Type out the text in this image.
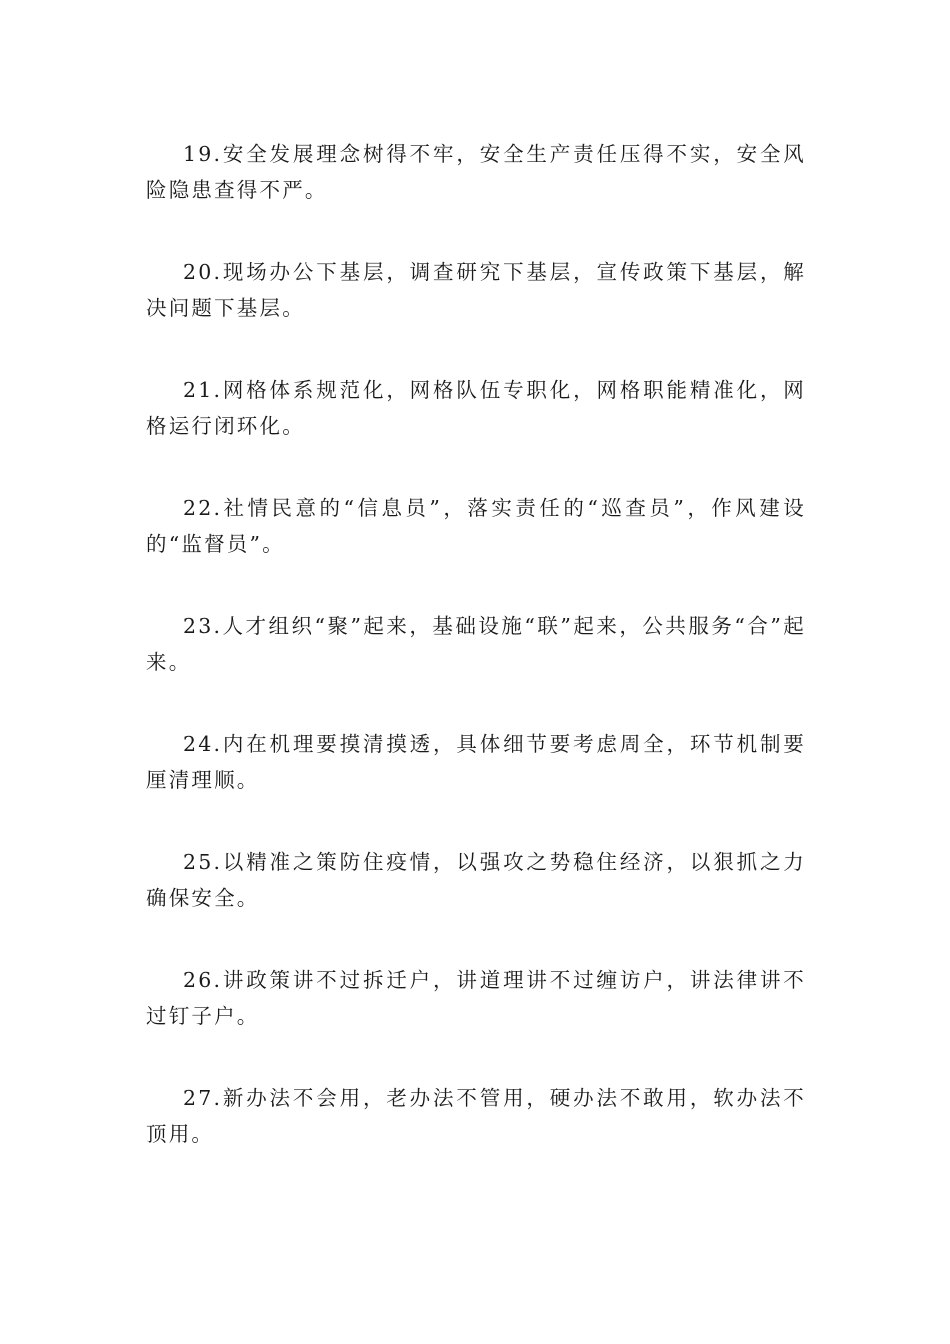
19.安全发展理念树得不牢，安全生产责任压得不实，安全风险隐患查得不严。

20.现场办公下基层，调查研究下基层，宣传政策下基层，解决问题下基层。

21.网格体系规范化，网格队伍专职化，网格职能精准化，网格运行闭环化。

22.社情民意的“信息员”，落实责任的“巡查员”，作风建设的“监督员”。

23.人才组织“聚”起来，基础设施“联”起来，公共服务“合”起来。

24.内在机理要摸清摸透，具体细节要考虑周全，环节机制要厘清理顺。

25.以精准之策防住疫情，以强攻之势稳住经济，以狠抓之力确保安全。

26.讲政策讲不过拆迁户，讲道理讲不过缠访户，讲法律讲不过钉子户。

27.新办法不会用，老办法不管用，硬办法不敢用，软办法不顶用。
